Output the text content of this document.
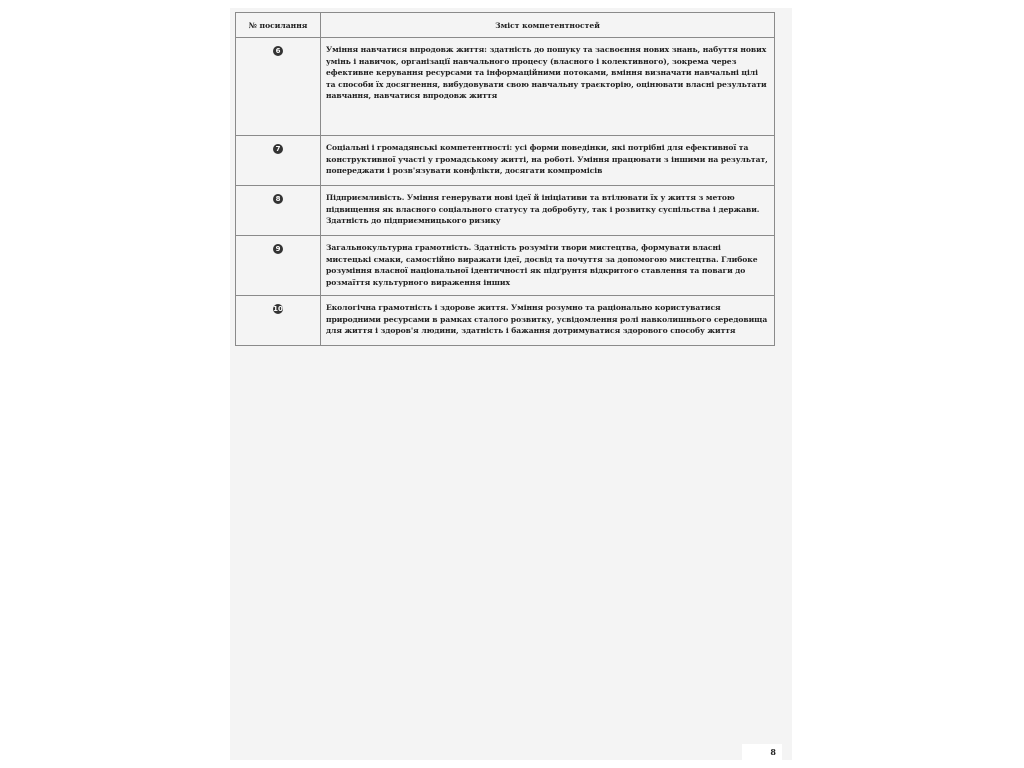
№ посилання	Зміст компетентностей
6	Уміння навчатися впродовж життя: здатність до пошуку та засвоєння нових знань, набуття нових умінь і навичок, організації навчального процесу (власного і колективного), зокрема через ефективне керування ресурсами та інформаційними потоками, вміння визначати навчальні цілі та способи їх досягнення, вибудовувати свою навчальну траєкторію, оцінювати власні результати навчання, навчатися впродовж життя
7	Соціальні і громадянські компетентності: усі форми поведінки, які потрібні для ефективної та конструктивної участі у громадському житті, на роботі. Уміння працювати з іншими на результат, попереджати і розв'язувати конфлікти, досягати компромісів
8	Підприємливість. Уміння генерувати нові ідеї й ініціативи та втілювати їх у життя з метою підвищення як власного соціального статусу та добробуту, так і розвитку суспільства і держави. Здатність до підприємницького ризику
9	Загальнокультурна грамотність. Здатність розуміти твори мистецтва, формувати власні мистецькі смаки, самостійно виражати ідеї, досвід та почуття за допомогою мистецтва. Глибоке розуміння власної національної ідентичності як підґрунтя відкритого ставлення та поваги до розмаїття культурного вираження інших
10	Екологічна грамотність і здорове життя. Уміння розумно та раціонально користуватися природними ресурсами в рамках сталого розвитку, усвідомлення ролі навколишнього середовища для життя і здоров'я людини, здатність і бажання дотримуватися здорового способу життя
8
